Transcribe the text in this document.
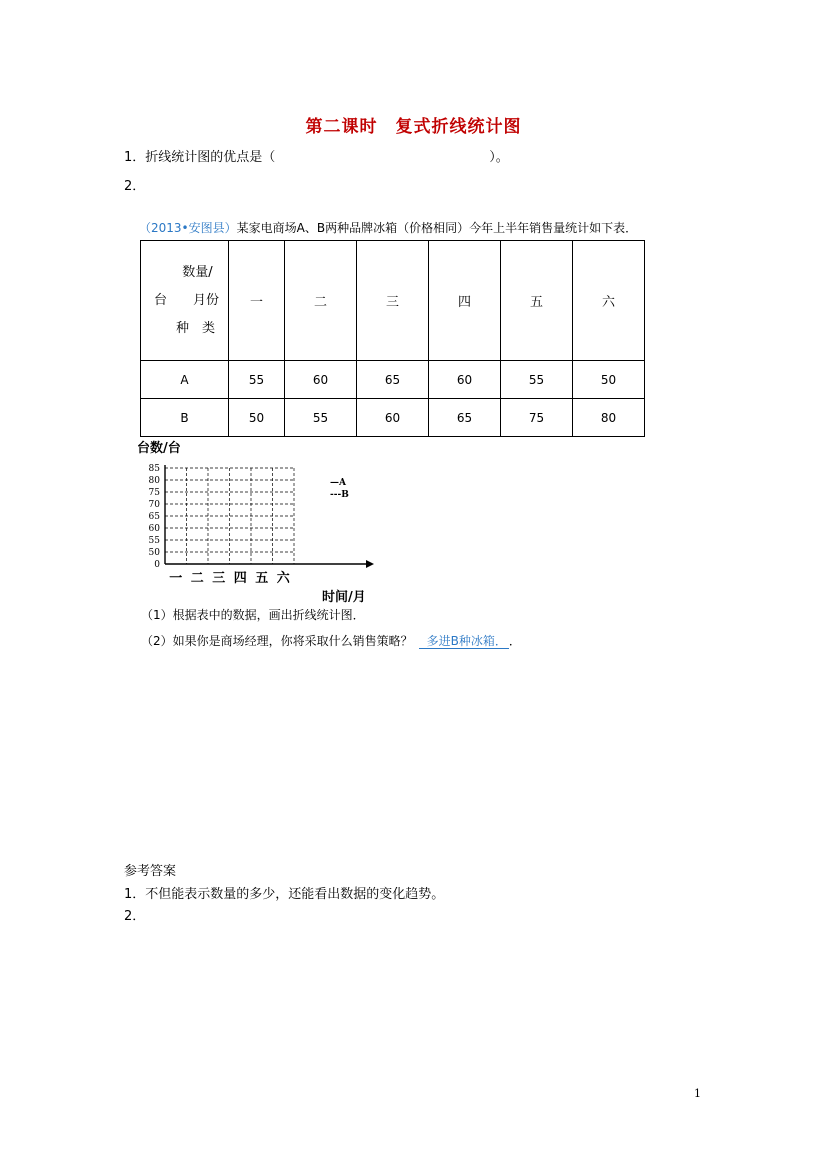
第二课时　复式折线统计图
1．折线统计图的优点是（	）。
2．
（2013•安图县）某家电商场A、B两种品牌冰箱（价格相同）今年上半年销售量统计如下表．
数量/
台　　月份
种　类	一	二	三	四	五	六
A	55	60	65	60	55	50
B	50	55	60	65	75	80
台数/台
0
50
55
60
65
70
75
80
85
一 二 三 四 五 六
—A
---B
时间/月
（1）根据表中的数据，画出折线统计图．
（2）如果你是商场经理，你将采取什么销售策略？ 多进B种冰箱． ．
参考答案
1．不但能表示数量的多少，还能看出数据的变化趋势。
2．
1
